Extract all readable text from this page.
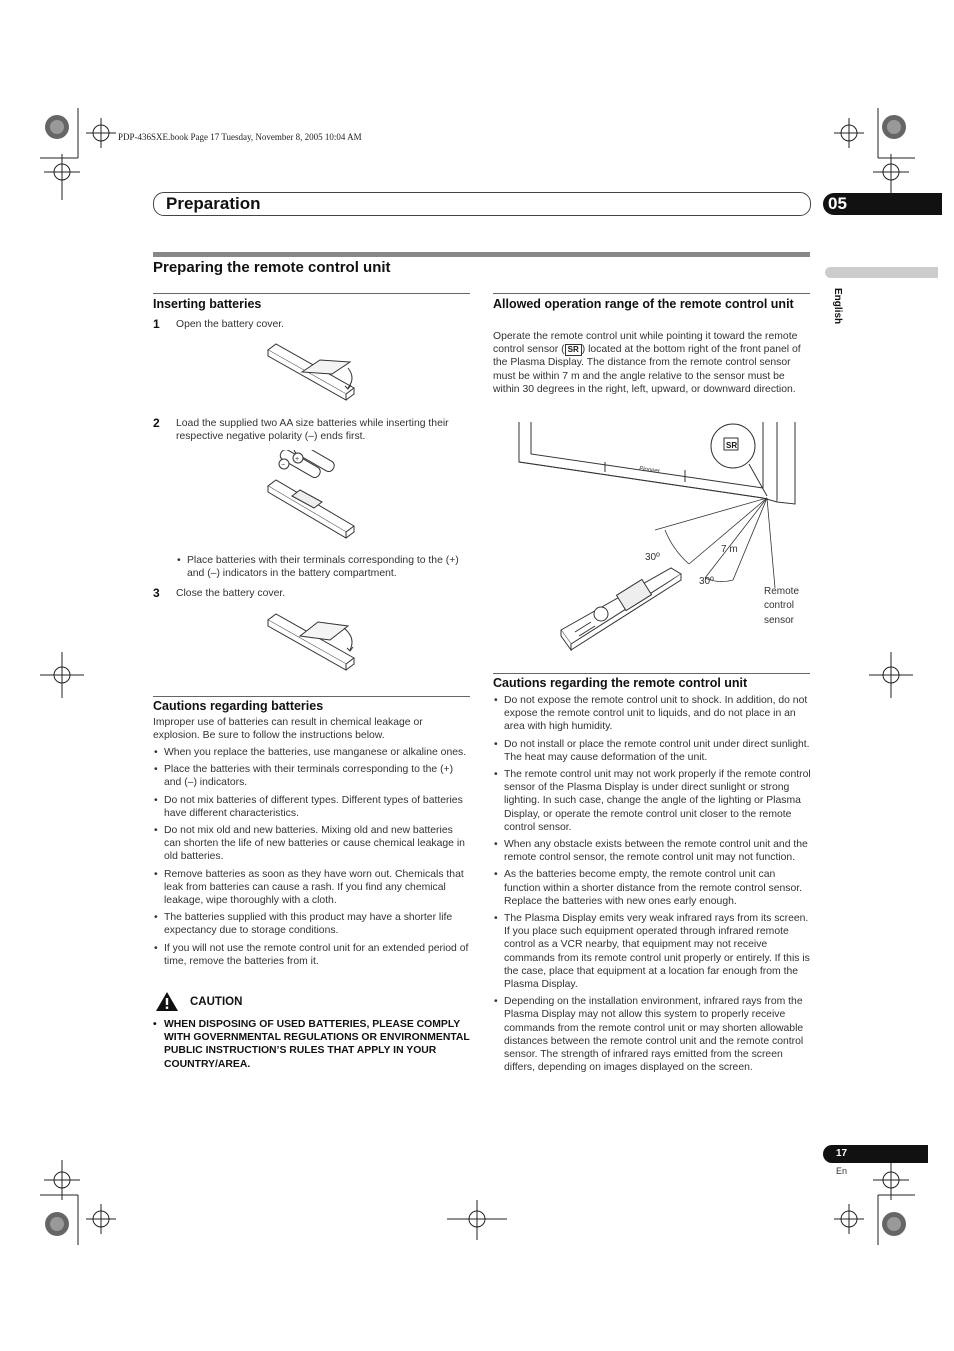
PDP-436SXE.book Page 17 Tuesday, November 8, 2005 10:04 AM
Preparation	05
English
Preparing the remote control unit
Inserting batteries
1 Open the battery cover.
2 Load the supplied two AA size batteries while inserting their respective negative polarity (–) ends first.
−
+
• Place batteries with their terminals corresponding to the (+) and (–) indicators in the battery compartment.
3 Close the battery cover.
Cautions regarding batteries
Improper use of batteries can result in chemical leakage or explosion. Be sure to follow the instructions below.
• When you replace the batteries, use manganese or alkaline ones.
• Place the batteries with their terminals corresponding to the (+) and (–) indicators.
• Do not mix batteries of different types. Different types of batteries have different characteristics.
• Do not mix old and new batteries. Mixing old and new batteries can shorten the life of new batteries or cause chemical leakage in old batteries.
• Remove batteries as soon as they have worn out. Chemicals that leak from batteries can cause a rash. If you find any chemical leakage, wipe thoroughly with a cloth.
• The batteries supplied with this product may have a shorter life expectancy due to storage conditions.
• If you will not use the remote control unit for an extended period of time, remove the batteries from it.
CAUTION
• WHEN DISPOSING OF USED BATTERIES, PLEASE COMPLY WITH GOVERNMENTAL REGULATIONS OR ENVIRONMENTAL PUBLIC INSTRUCTION’S RULES THAT APPLY IN YOUR COUNTRY/AREA.
Allowed operation range of the remote control unit
Operate the remote control unit while pointing it toward the remote control sensor ( SR ) located at the bottom right of the front panel of the Plasma Display. The distance from the remote control sensor must be within 7 m and the angle relative to the sensor must be within 30 degrees in the right, left, upward, or downward direction.
Pioneer
SR
30º
7 m
30º
Remote
control
sensor
Cautions regarding the remote control unit
• Do not expose the remote control unit to shock. In addition, do not expose the remote control unit to liquids, and do not place in an area with high humidity.
• Do not install or place the remote control unit under direct sunlight. The heat may cause deformation of the unit.
• The remote control unit may not work properly if the remote control sensor of the Plasma Display is under direct sunlight or strong lighting. In such case, change the angle of the lighting or Plasma Display, or operate the remote control unit closer to the remote control sensor.
• When any obstacle exists between the remote control unit and the remote control sensor, the remote control unit may not function.
• As the batteries become empty, the remote control unit can function within a shorter distance from the remote control sensor. Replace the batteries with new ones early enough.
• The Plasma Display emits very weak infrared rays from its screen. If you place such equipment operated through infrared remote control as a VCR nearby, that equipment may not receive commands from its remote control unit properly or entirely. If this is the case, place that equipment at a location far enough from the Plasma Display.
• Depending on the installation environment, infrared rays from the Plasma Display may not allow this system to properly receive commands from the remote control unit or may shorten allowable distances between the remote control unit and the remote control sensor. The strength of infrared rays emitted from the screen differs, depending on images displayed on the screen.
17
En
